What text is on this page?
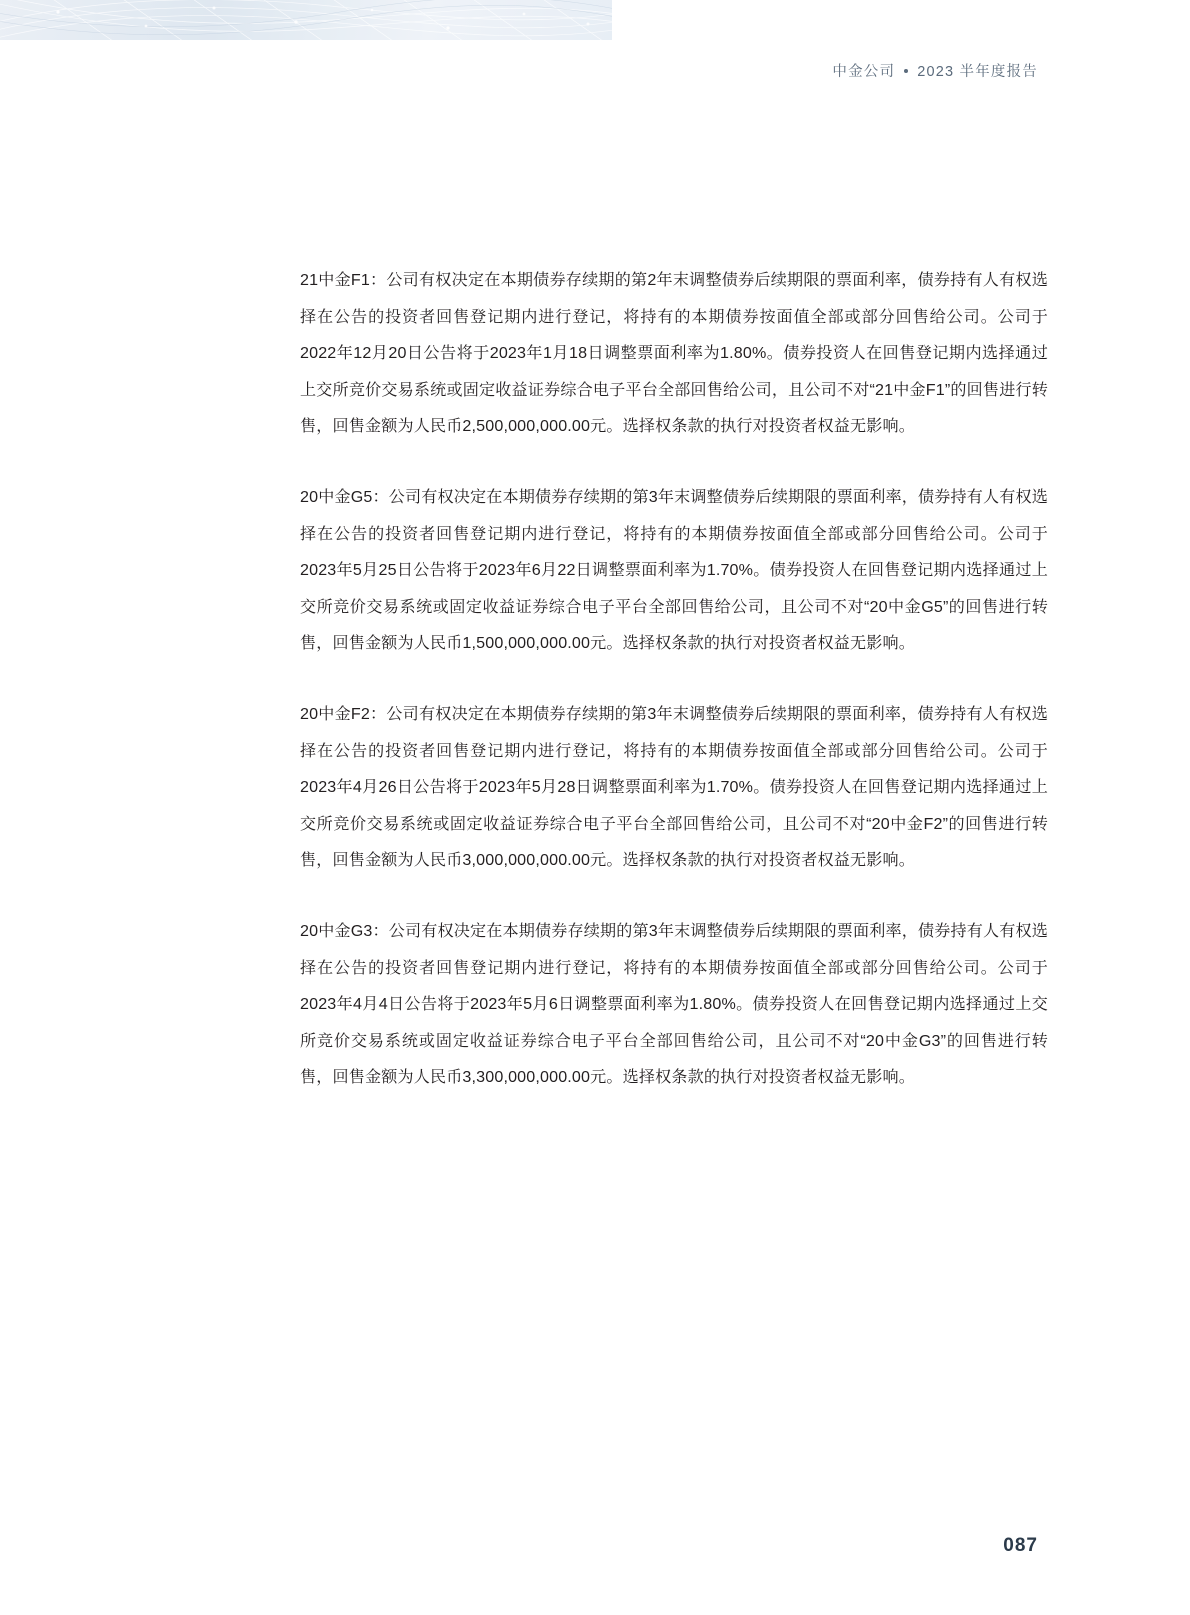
中金公司 2023 半年度报告

21中金F1：公司有权决定在本期债券存续期的第2年末调整债券后续期限的票面利率，债券持有人有权选择在公告的投资者回售登记期内进行登记，将持有的本期债券按面值全部或部分回售给公司。公司于2022年12月20日公告将于2023年1月18日调整票面利率为1.80%。债券投资人在回售登记期内选择通过上交所竞价交易系统或固定收益证券综合电子平台全部回售给公司，且公司不对“21中金F1”的回售进行转售，回售金额为人民币2,500,000,000.00元。选择权条款的执行对投资者权益无影响。

20中金G5：公司有权决定在本期债券存续期的第3年末调整债券后续期限的票面利率，债券持有人有权选择在公告的投资者回售登记期内进行登记，将持有的本期债券按面值全部或部分回售给公司。公司于2023年5月25日公告将于2023年6月22日调整票面利率为1.70%。债券投资人在回售登记期内选择通过上交所竞价交易系统或固定收益证券综合电子平台全部回售给公司，且公司不对“20中金G5”的回售进行转售，回售金额为人民币1,500,000,000.00元。选择权条款的执行对投资者权益无影响。

20中金F2：公司有权决定在本期债券存续期的第3年末调整债券后续期限的票面利率，债券持有人有权选择在公告的投资者回售登记期内进行登记，将持有的本期债券按面值全部或部分回售给公司。公司于2023年4月26日公告将于2023年5月28日调整票面利率为1.70%。债券投资人在回售登记期内选择通过上交所竞价交易系统或固定收益证券综合电子平台全部回售给公司，且公司不对“20中金F2”的回售进行转售，回售金额为人民币3,000,000,000.00元。选择权条款的执行对投资者权益无影响。

20中金G3：公司有权决定在本期债券存续期的第3年末调整债券后续期限的票面利率，债券持有人有权选择在公告的投资者回售登记期内进行登记，将持有的本期债券按面值全部或部分回售给公司。公司于2023年4月4日公告将于2023年5月6日调整票面利率为1.80%。债券投资人在回售登记期内选择通过上交所竞价交易系统或固定收益证券综合电子平台全部回售给公司，且公司不对“20中金G3”的回售进行转售，回售金额为人民币3,300,000,000.00元。选择权条款的执行对投资者权益无影响。

087
